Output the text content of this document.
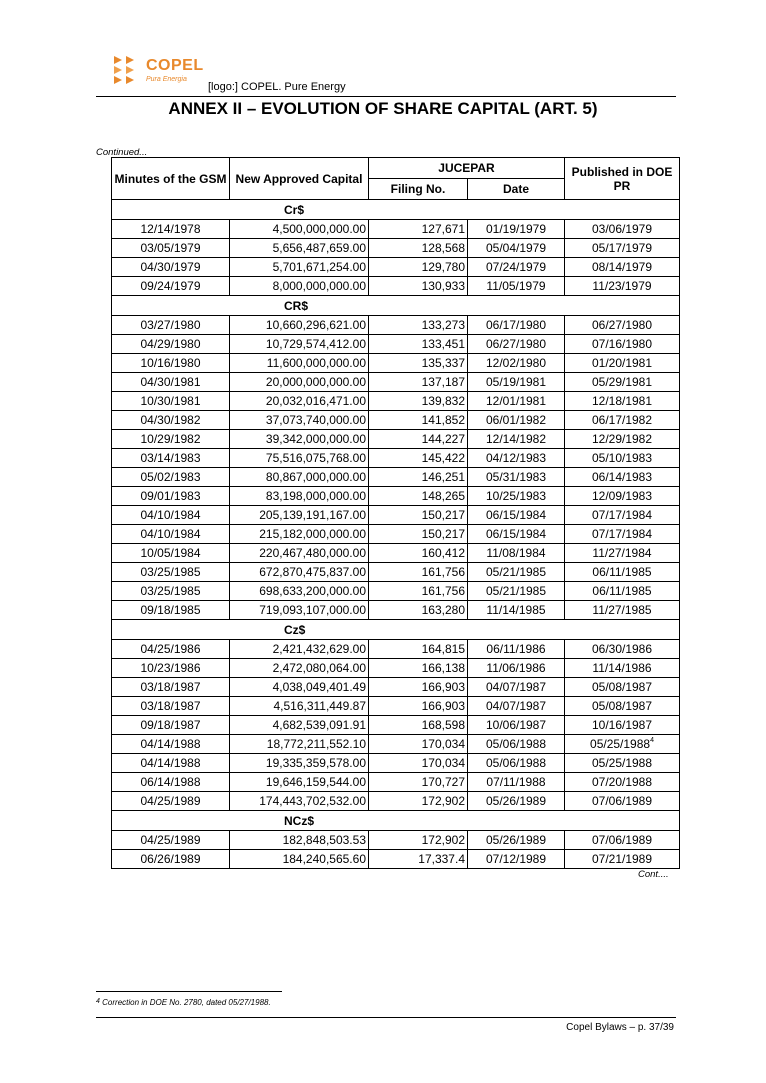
COPEL
Pura Energia
[logo:] COPEL. Pure Energy
ANNEX II – EVOLUTION OF SHARE CAPITAL (ART. 5)
Continued...
Minutes of the GSM	New Approved Capital	JUCEPAR		Published in DOE PR
		Filing No.	Date	
Cr$				
12/14/1978	4,500,000,000.00	127,671	01/19/1979	03/06/1979
03/05/1979	5,656,487,659.00	128,568	05/04/1979	05/17/1979
04/30/1979	5,701,671,254.00	129,780	07/24/1979	08/14/1979
09/24/1979	8,000,000,000.00	130,933	11/05/1979	11/23/1979
CR$				
03/27/1980	10,660,296,621.00	133,273	06/17/1980	06/27/1980
04/29/1980	10,729,574,412.00	133,451	06/27/1980	07/16/1980
10/16/1980	11,600,000,000.00	135,337	12/02/1980	01/20/1981
04/30/1981	20,000,000,000.00	137,187	05/19/1981	05/29/1981
10/30/1981	20,032,016,471.00	139,832	12/01/1981	12/18/1981
04/30/1982	37,073,740,000.00	141,852	06/01/1982	06/17/1982
10/29/1982	39,342,000,000.00	144,227	12/14/1982	12/29/1982
03/14/1983	75,516,075,768.00	145,422	04/12/1983	05/10/1983
05/02/1983	80,867,000,000.00	146,251	05/31/1983	06/14/1983
09/01/1983	83,198,000,000.00	148,265	10/25/1983	12/09/1983
04/10/1984	205,139,191,167.00	150,217	06/15/1984	07/17/1984
04/10/1984	215,182,000,000.00	150,217	06/15/1984	07/17/1984
10/05/1984	220,467,480,000.00	160,412	11/08/1984	11/27/1984
03/25/1985	672,870,475,837.00	161,756	05/21/1985	06/11/1985
03/25/1985	698,633,200,000.00	161,756	05/21/1985	06/11/1985
09/18/1985	719,093,107,000.00	163,280	11/14/1985	11/27/1985
Cz$				
04/25/1986	2,421,432,629.00	164,815	06/11/1986	06/30/1986
10/23/1986	2,472,080,064.00	166,138	11/06/1986	11/14/1986
03/18/1987	4,038,049,401.49	166,903	04/07/1987	05/08/1987
03/18/1987	4,516,311,449.87	166,903	04/07/1987	05/08/1987
09/18/1987	4,682,539,091.91	168,598	10/06/1987	10/16/1987
04/14/1988	18,772,211,552.10	170,034	05/06/1988	05/25/1988$^4$
04/14/1988	19,335,359,578.00	170,034	05/06/1988	05/25/1988
06/14/1988	19,646,159,544.00	170,727	07/11/1988	07/20/1988
04/25/1989	174,443,702,532.00	172,902	05/26/1989	07/06/1989
NCz$				
04/25/1989	182,848,503.53	172,902	05/26/1989	07/06/1989
06/26/1989	184,240,565.60	17,337.4	07/12/1989	07/21/1989
Cont....
$^4$ Correction in DOE No. 2780, dated 05/27/1988.
Copel Bylaws – p. 37/39
